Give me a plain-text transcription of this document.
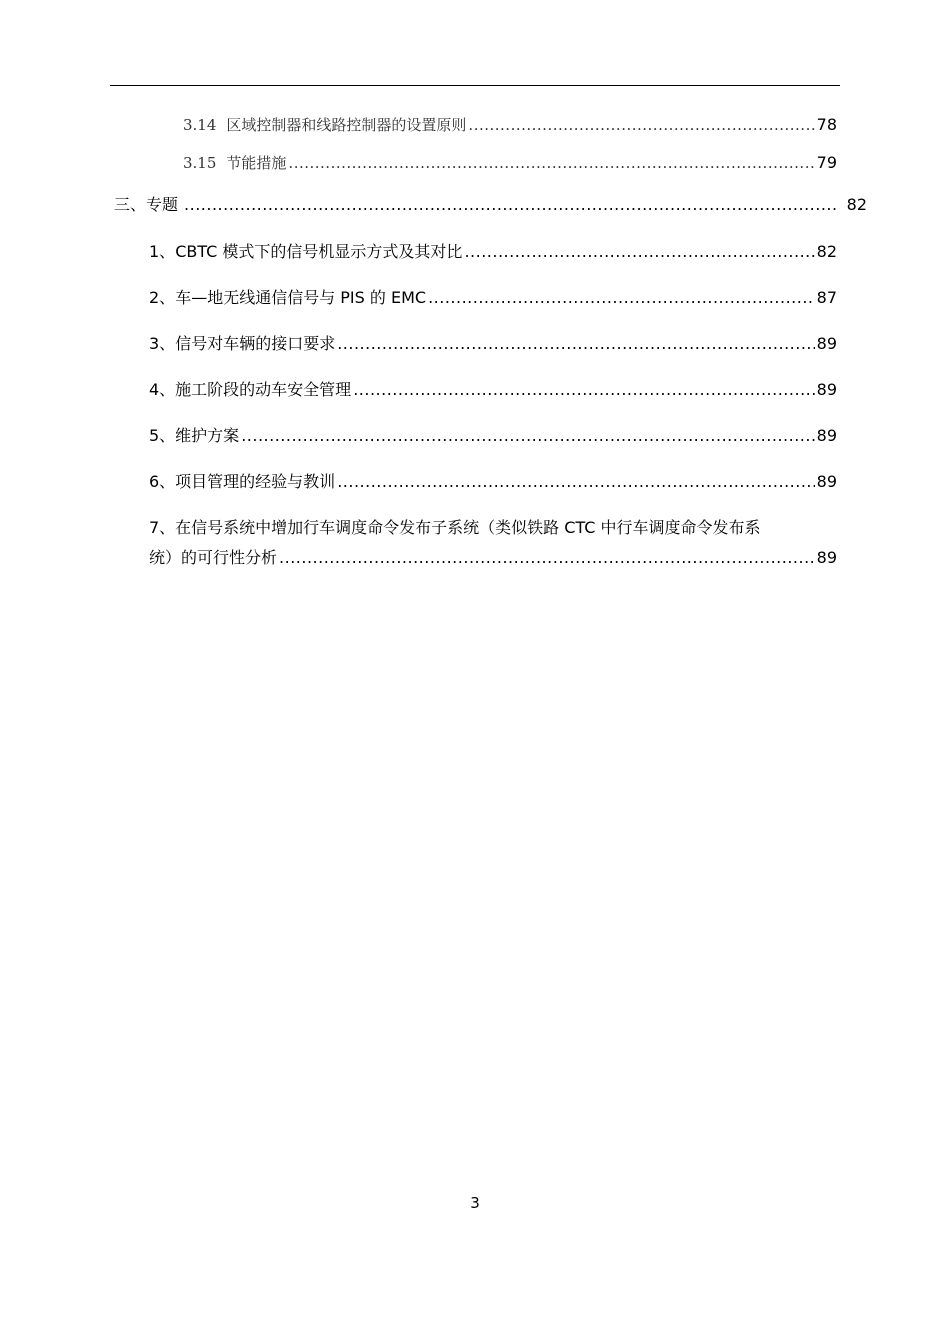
3.14 区域控制器和线路控制器的设置原则 .....	78
3.15 节能措施 .....	79
三、 专题 .....	82
1、 CBTC 模式下的信号机显示方式及其对比 .....	82
2、 车—地无线通信信号与 PIS 的 EMC .....	87
3、 信号对车辆的接口要求 .....	89
4、施工阶段的动车安全管理 .....	89
5、维护方案 .....	89
6、项目管理的经验与教训 .....	89
7、在信号系统中增加行车调度命令发布子系统（类似铁路 CTC 中行车调度命令发布系
统）的可行性分析 .....	89
3
